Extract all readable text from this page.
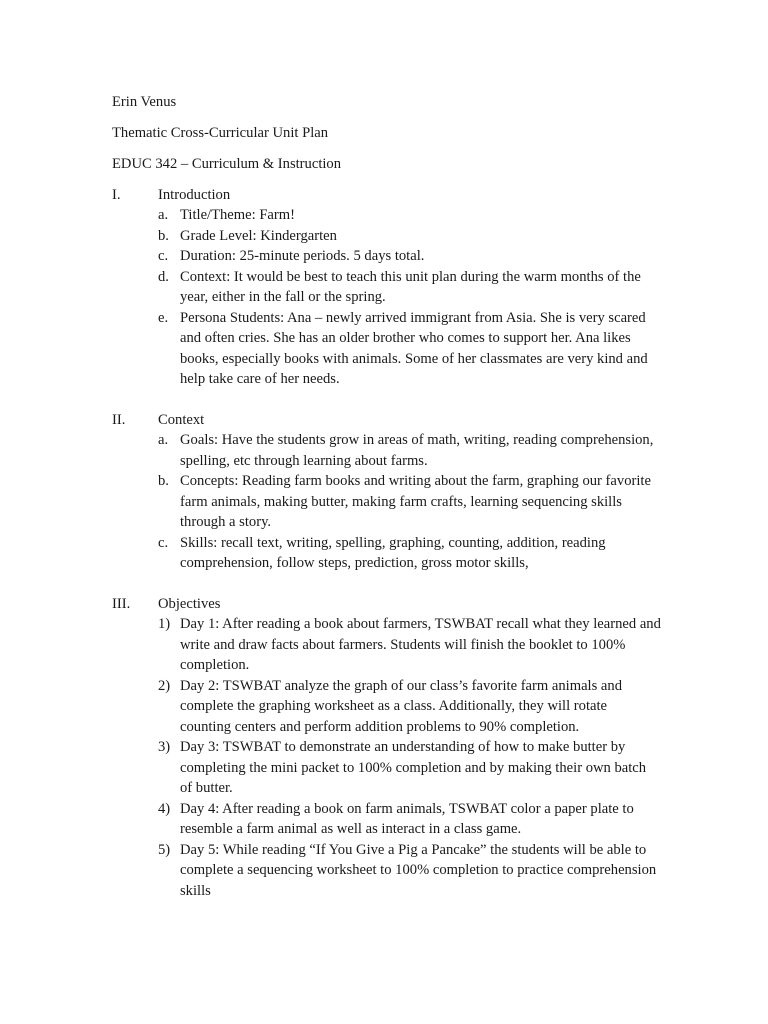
Erin Venus
Thematic Cross-Curricular Unit Plan
EDUC 342 – Curriculum & Instruction
I.	Introduction
a. Title/Theme: Farm!
b. Grade Level: Kindergarten
c. Duration: 25-minute periods. 5 days total.
d. Context: It would be best to teach this unit plan during the warm months of the
year, either in the fall or the spring.
e. Persona Students: Ana – newly arrived immigrant from Asia. She is very scared
and often cries. She has an older brother who comes to support her. Ana likes
books, especially books with animals. Some of her classmates are very kind and
help take care of her needs.
II.	Context
a. Goals: Have the students grow in areas of math, writing, reading comprehension,
spelling, etc through learning about farms.
b. Concepts: Reading farm books and writing about the farm, graphing our favorite
farm animals, making butter, making farm crafts, learning sequencing skills
through a story.
c. Skills: recall text, writing, spelling, graphing, counting, addition, reading
comprehension, follow steps, prediction, gross motor skills,
III.	Objectives
1) Day 1: After reading a book about farmers, TSWBAT recall what they learned and
write and draw facts about farmers. Students will finish the booklet to 100%
completion.
2) Day 2: TSWBAT analyze the graph of our class’s favorite farm animals and
complete the graphing worksheet as a class. Additionally, they will rotate
counting centers and perform addition problems to 90% completion.
3) Day 3: TSWBAT to demonstrate an understanding of how to make butter by
completing the mini packet to 100% completion and by making their own batch
of butter.
4) Day 4: After reading a book on farm animals, TSWBAT color a paper plate to
resemble a farm animal as well as interact in a class game.
5) Day 5: While reading “If You Give a Pig a Pancake” the students will be able to
complete a sequencing worksheet to 100% completion to practice comprehension
skills
